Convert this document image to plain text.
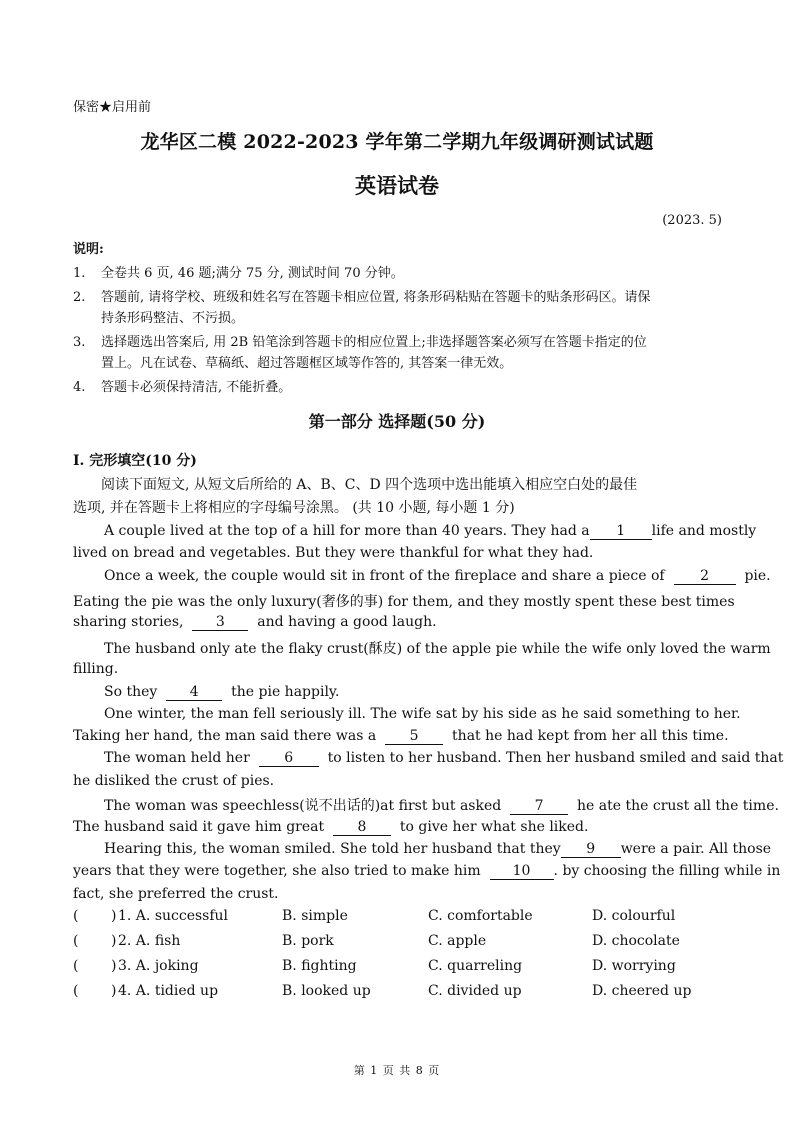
保密★启用前
龙华区二模 2022-2023 学年第二学期九年级调研测试试题
英语试卷
(2023. 5)
说明:
1. 全卷共 6 页, 46 题;满分 75 分, 测试时间 70 分钟。
2. 答题前, 请将学校、班级和姓名写在答题卡相应位置, 将条形码粘贴在答题卡的贴条形码区。请保
持条形码整洁、不污损。
3. 选择题选出答案后, 用 2B 铅笔涂到答题卡的相应位置上;非选择题答案必须写在答题卡指定的位
置上。凡在试卷、草稿纸、超过答题框区域等作答的, 其答案一律无效。
4. 答题卡必须保持清洁, 不能折叠。
第一部分 选择题(50 分)
I. 完形填空(10 分)
阅读下面短文, 从短文后所给的 A、B、C、D 四个选项中选出能填入相应空白处的最佳
选项, 并在答题卡上将相应的字母编号涂黑。 (共 10 小题, 每小题 1 分)
A couple lived at the top of a hill for more than 40 years. They had a 1 life and mostly
lived on bread and vegetables. But they were thankful for what they had.
Once a week, the couple would sit in front of the fireplace and share a piece of	2	pie.
Eating the pie was the only luxury(奢侈的事) for them, and they mostly spent these best times
sharing stories, 3 and having a good laugh.
The husband only ate the flaky crust(酥皮) of the apple pie while the wife only loved the warm
filling.
So they 4 the pie happily.
One winter, the man fell seriously ill. The wife sat by his side as he said something to her.
Taking her hand, the man said there was a 5 that he had kept from her all this time.
The woman held her 6 to listen to her husband. Then her husband smiled and said that
he disliked the crust of pies.
The woman was speechless(说不出话的)at first but asked 7 he ate the crust all the time.
The husband said it gave him great 8 to give her what she liked.
Hearing this, the woman smiled. She told her husband that they 9 were a pair. All those
years that they were together, she also tried to make him 10 . by choosing the filling while in
fact, she preferred the crust.
( ) 1. A. successful	B. simple	C. comfortable	D. colourful
( ) 2. A. fish	B. pork	C. apple	D. chocolate
( ) 3. A. joking	B. fighting	C. quarreling	D. worrying
( ) 4. A. tidied up	B. looked up	C. divided up	D. cheered up
第 1 页 共 8 页
